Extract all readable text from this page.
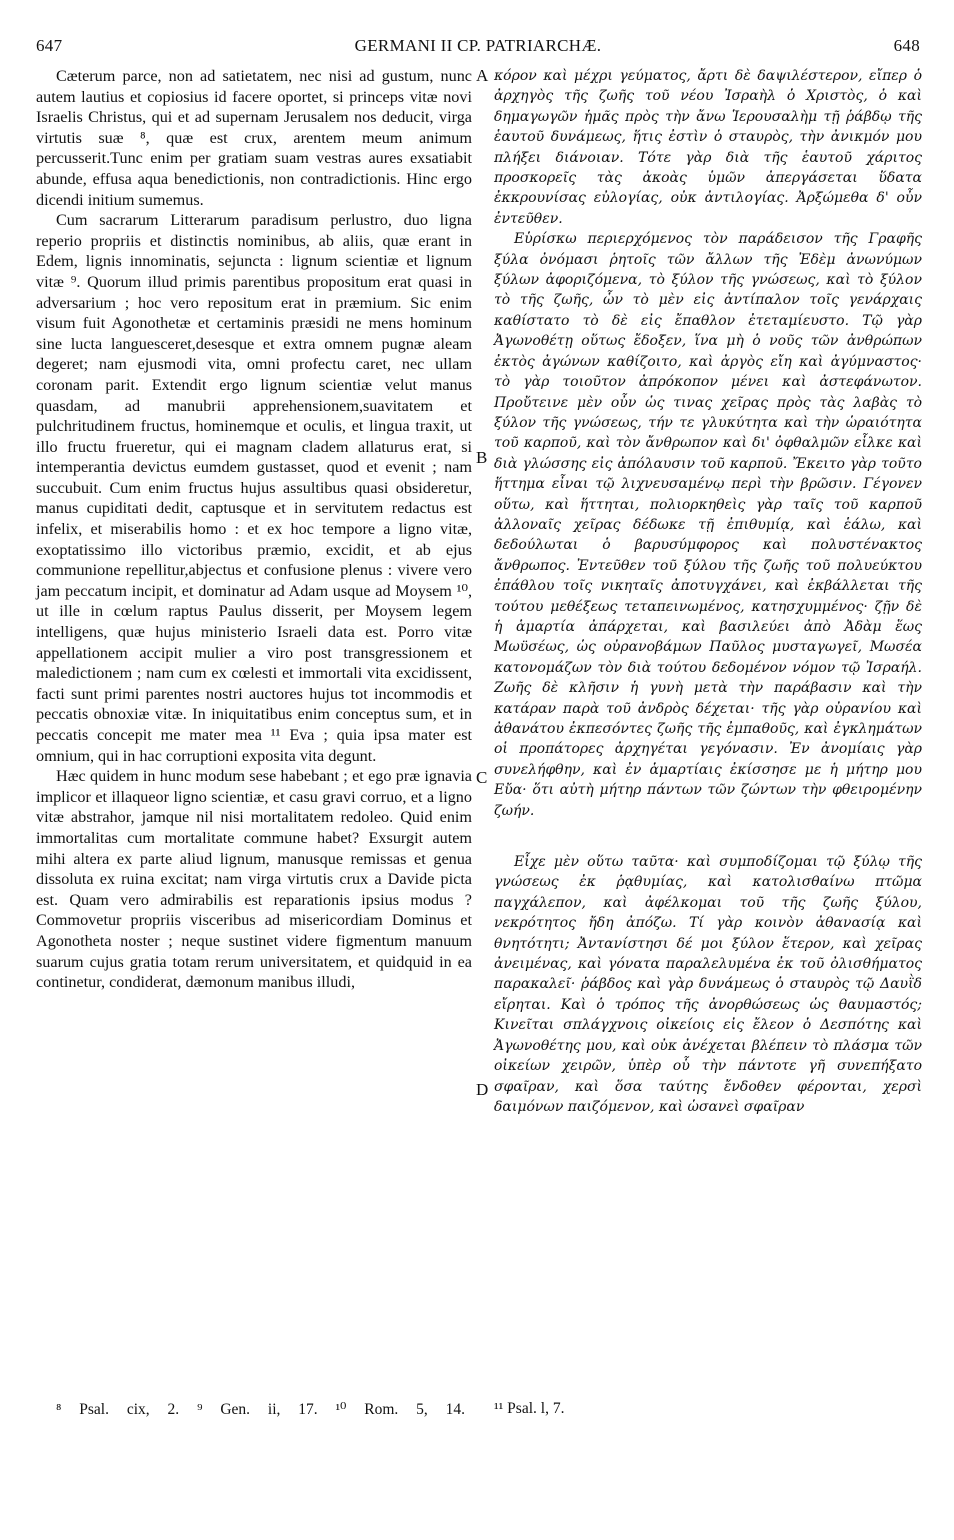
647	GERMANI II CP. PATRIARCHÆ.	648

Cæterum parce, non ad satietatem, nec nisi ad gustum, nunc autem lautius et copiosius id facere oportet, si princeps vitæ novi Israelis Christus, qui et ad supernam Jerusalem nos deducit, virga virtutis suæ ⁸, quæ est crux, arentem meum animum percusserit.Tunc enim per gratiam suam vestras aures exsatiabit abunde, effusa aqua benedictionis, non contradictionis. Hinc ergo dicendi initium sumemus.

Cum sacrarum Litterarum paradisum perlustro, duo ligna reperio propriis et distinctis nominibus, ab aliis, quæ erant in Edem, lignis innominatis, sejuncta : lignum scientiæ et lignum vitæ ⁹. Quorum illud primis parentibus propositum erat quasi in adversarium ; hoc vero repositum erat in præmium. Sic enim visum fuit Agonothetæ et certaminis præsidi ne mens hominum sine lucta languesceret,desesque et extra omnem pugnæ aleam degeret; nam ejusmodi vita, omni profectu caret, nec ullam coronam parit. Extendit ergo lignum scientiæ velut manus quasdam, ad manubrii apprehensionem,suavitatem et pulchritudinem fructus, hominemque et oculis, et lingua traxit, ut illo fructu frueretur, qui ei magnam cladem allaturus erat, si intemperantia devictus eumdem gustasset, quod et evenit ; nam succubuit. Cum enim fructus hujus assultibus quasi obsideretur, manus cupiditati dedit, captusque et in servitutem redactus est infelix, et miserabilis homo : et ex hoc tempore a ligno vitæ, exoptatissimo illo victoribus præmio, excidit, et ab ejus communione repellitur,abjectus et confusione plenus : vivere vero jam peccatum incipit, et dominatur ad Adam usque ad Moysem ¹⁰, ut ille in cœlum raptus Paulus disserit, per Moysem legem intelligens, quæ hujus ministerio Israeli data est. Porro vitæ appellationem accipit mulier a viro post transgressionem et maledictionem ; nam cum ex cœlesti et immortali vita excidissent, facti sunt primi parentes nostri auctores hujus tot incommodis et peccatis obnoxiæ vitæ. In iniquitatibus enim conceptus sum, et in peccatis concepit me mater mea ¹¹ Eva ; quia ipsa mater est omnium, qui in hac corruptioni exposita vita degunt.

Hæc quidem in hunc modum sese habebant ; et ego præ ignavia implicor et illaqueor ligno scientiæ, et casu gravi corruo, et a ligno vitæ abstrahor, jamque nil nisi mortalitatem redoleo. Quid enim immortalitas cum mortalitate commune habet? Exsurgit autem mihi altera ex parte aliud lignum, manusque remissas et genua dissoluta ex ruina excitat; nam virga virtutis crux a Davide picta est. Quam vero admirabilis est reparationis ipsius modus ? Commovetur propriis visceribus ad misericordiam Dominus et Agonotheta noster ; neque sustinet videre figmentum manuum suarum cujus gratia totam rerum universitatem, et quidquid in ea continetur, condiderat, dæmonum manibus illudi,

A
B
C
D

κόρον καὶ μέχρι γεύματος, ἄρτι δὲ δαψιλέστερον, εἴπερ ὁ ἀρχηγὸς τῆς ζωῆς τοῦ νέου Ἰσραὴλ ὁ Χριστὸς, ὁ καὶ δημαγωγῶν ἡμᾶς πρὸς τὴν ἄνω Ἱερουσαλὴμ τῇ ῥάβδῳ τῆς ἑαυτοῦ δυνάμεως, ἥτις ἐστὶν ὁ σταυρὸς, τὴν ἀνικμόν μου πλήξει διάνοιαν. Τότε γὰρ διὰ τῆς ἑαυτοῦ χάριτος προσκορεῖς τὰς ἀκοὰς ὑμῶν ἀπεργάσεται ὕδατα ἐκκρουνίσας εὐλογίας, οὐκ ἀντιλογίας. Ἀρξώμεθα δ' οὖν ἐντεῦθεν.

Εὑρίσκω περιερχόμενος τὸν παράδεισον τῆς Γραφῆς ξύλα ὀνόμασι ῥητοῖς τῶν ἄλλων τῆς Ἐδὲμ ἀνωνύμων ξύλων ἀφοριζόμενα, τὸ ξύλον τῆς γνώσεως, καὶ τὸ ξύλον τὸ τῆς ζωῆς, ὧν τὸ μὲν εἰς ἀντίπαλον τοῖς γενάρχαις καθίστατο τὸ δὲ εἰς ἔπαθλον ἐτεταμίευστο. Τῷ γὰρ Ἀγωνοθέτῃ οὕτως ἔδοξεν, ἵνα μὴ ὁ νοῦς τῶν ἀνθρώπων ἐκτὸς ἀγώνων καθίζοιτο, καὶ ἀργὸς εἴη καὶ ἀγύμναστος· τὸ γὰρ τοιοῦτον ἀπρόκοπον μένει καὶ ἀστεφάνωτον. Προὔτεινε μὲν οὖν ὡς τινας χεῖρας πρὸς τὰς λαβὰς τὸ ξύλον τῆς γνώσεως, τήν τε γλυκύτητα καὶ τὴν ὡραιότητα τοῦ καρποῦ, καὶ τὸν ἄνθρωπον καὶ δι' ὀφθαλμῶν εἷλκε καὶ διὰ γλώσσης εἰς ἀπόλαυσιν τοῦ καρποῦ. Ἔκειτο γὰρ τοῦτο ἥττημα εἶναι τῷ λιχνευσαμένῳ περὶ τὴν βρῶσιν. Γέγονεν οὕτω, καὶ ἥττηται, πολιορκηθεὶς γὰρ ταῖς τοῦ καρποῦ ἀλλοναῖς χεῖρας δέδωκε τῇ ἐπιθυμίᾳ, καὶ ἑάλω, καὶ δεδούλωται ὁ βαρυσύμφορος καὶ πολυστένακτος ἄνθρωπος. Ἐντεῦθεν τοῦ ξύλου τῆς ζωῆς τοῦ πολυεύκτου ἐπάθλου τοῖς νικηταῖς ἀποτυγχάνει, καὶ ἐκβάλλεται τῆς τούτου μεθέξεως τεταπεινωμένος, κατησχυμμένος· ζῇν δὲ ἡ ἁμαρτία ἀπάρχεται, καὶ βασιλεύει ἀπὸ Ἀδὰμ ἕως Μωϋσέως, ὡς οὐρανοβάμων Παῦλος μυσταγωγεῖ, Μωσέα κατονομάζων τὸν διὰ τούτου δεδομένον νόμον τῷ Ἰσραήλ. Ζωῆς δὲ κλῆσιν ἡ γυνὴ μετὰ τὴν παράβασιν καὶ τὴν κατάραν παρὰ τοῦ ἀνδρὸς δέχεται· τῆς γὰρ οὐρανίου καὶ ἀθανάτου ἐκπεσόντες ζωῆς τῆς ἐμπαθοῦς, καὶ ἐγκλημάτων οἱ προπάτορες ἀρχηγέται γεγόνασιν. Ἐν ἀνομίαις γὰρ συνελήφθην, καὶ ἐν ἁμαρτίαις ἐκίσσησε με ἡ μήτηρ μου Εὔα· ὅτι αὐτὴ μήτηρ πάντων τῶν ζώντων τὴν φθειρομένην ζωήν.

Εἶχε μὲν οὕτω ταῦτα· καὶ συμποδίζομαι τῷ ξύλῳ τῆς γνώσεως ἐκ ῥᾳθυμίας, καὶ κατολισθαίνω πτῶμα παγχάλεπον, καὶ ἀφέλκομαι τοῦ τῆς ζωῆς ξύλου, νεκρότητος ἤδη ἀπόζω. Τί γὰρ κοινὸν ἀθανασίᾳ καὶ θνητότητι; Ἀντανίστησι δέ μοι ξύλον ἕτερον, καὶ χεῖρας ἀνειμένας, καὶ γόνατα παραλελυμένα ἐκ τοῦ ὀλισθήματος παρακαλεῖ· ῥάβδος καὶ γὰρ δυνάμεως ὁ σταυρὸς τῷ Δαυῒδ εἴρηται. Καὶ ὁ τρόπος τῆς ἀνορθώσεως ὡς θαυμαστός; Κινεῖται σπλάγχνοις οἰκείοις εἰς ἔλεον ὁ Δεσπότης καὶ Ἀγωνοθέτης μου, καὶ οὐκ ἀνέχεται βλέπειν τὸ πλάσμα τῶν οἰκείων χειρῶν, ὑπὲρ οὗ τὴν πάντοτε γῆ συνεπήξατο σφαῖραν, καὶ ὅσα ταύτης ἔνδοθεν φέρονται, χερσὶ δαιμόνων παιζόμενον, καὶ ὡσανεὶ σφαῖραν

⁸ Psal. cix, 2. ⁹ Gen. ii, 17. ¹⁰ Rom. 5, 14.	¹¹ Psal. l, 7.
